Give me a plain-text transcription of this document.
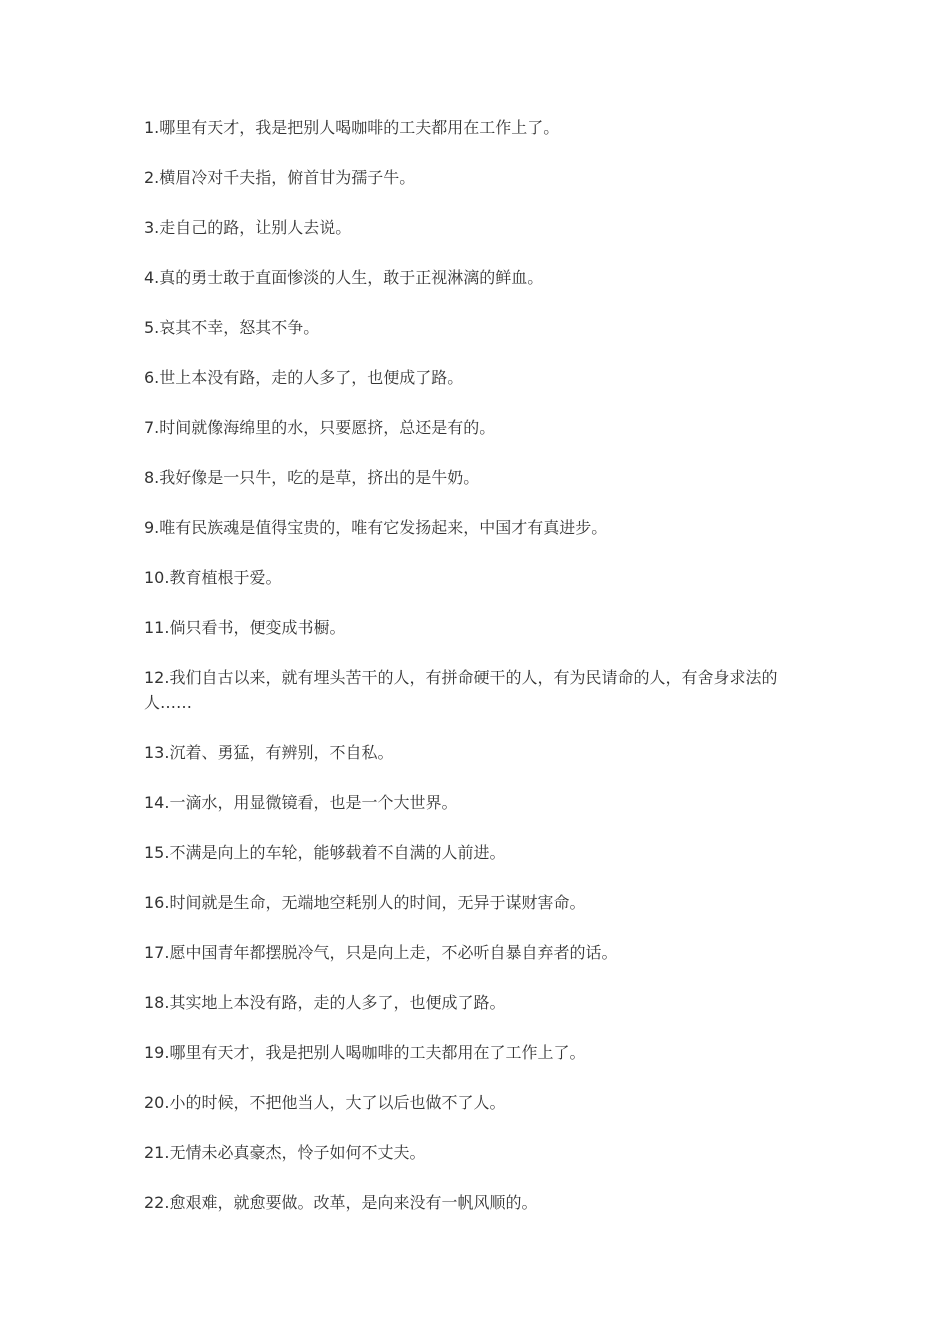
1.哪里有天才，我是把别人喝咖啡的工夫都用在工作上了。

2.横眉冷对千夫指，俯首甘为孺子牛。

3.走自己的路，让别人去说。

4.真的勇士敢于直面惨淡的人生，敢于正视淋漓的鲜血。

5.哀其不幸，怒其不争。

6.世上本没有路，走的人多了，也便成了路。

7.时间就像海绵里的水，只要愿挤，总还是有的。

8.我好像是一只牛，吃的是草，挤出的是牛奶。

9.唯有民族魂是值得宝贵的，唯有它发扬起来，中国才有真进步。

10.教育植根于爱。

11.倘只看书，便变成书橱。

12.我们自古以来，就有埋头苦干的人，有拼命硬干的人，有为民请命的人，有舍身求法的人……

13.沉着、勇猛，有辨别，不自私。

14.一滴水，用显微镜看，也是一个大世界。

15.不满是向上的车轮，能够载着不自满的人前进。

16.时间就是生命，无端地空耗别人的时间，无异于谋财害命。

17.愿中国青年都摆脱冷气，只是向上走，不必听自暴自弃者的话。

18.其实地上本没有路，走的人多了，也便成了路。

19.哪里有天才，我是把别人喝咖啡的工夫都用在了工作上了。

20.小的时候，不把他当人，大了以后也做不了人。

21.无情未必真豪杰，怜子如何不丈夫。

22.愈艰难，就愈要做。改革，是向来没有一帆风顺的。
